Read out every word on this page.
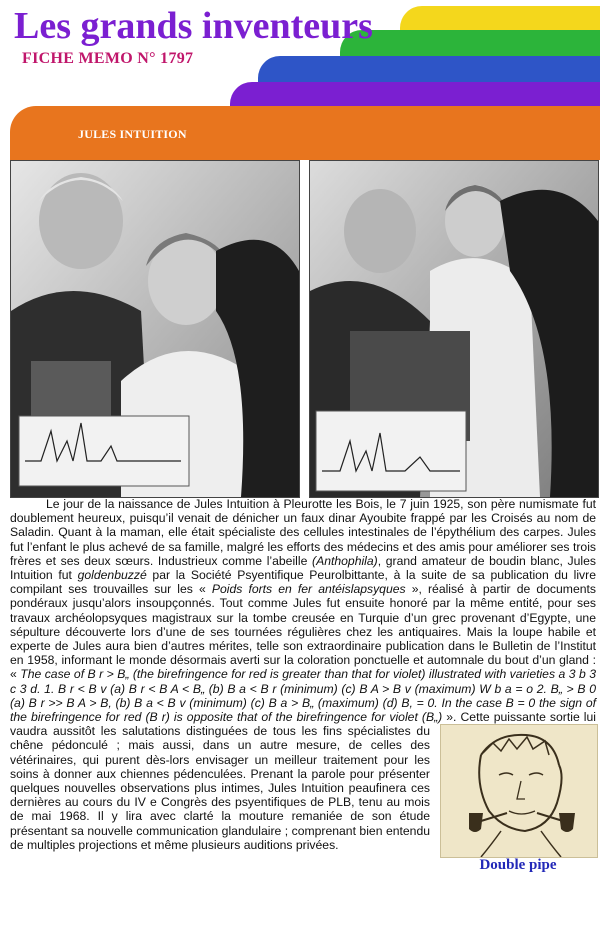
Les grands inventeurs
FICHE MEMO N° 1797
JULES INTUITION

Le jour de la naissance de Jules Intuition à Pleurotte les Bois, le 7 juin 1925, son père numismate fut doublement heureux, puisqu’il venait de dénicher un faux dinar Ayoubite frappé par les Croisés au nom de Saladin. Quant à la maman, elle était spécialiste des cellules intestinales de l’épythélium des carpes. Jules fut l’enfant le plus achevé de sa famille, malgré les efforts des médecins et des amis pour améliorer ses trois frères et ses deux sœurs. Industrieux comme l’abeille (Anthophila), grand amateur de boudin blanc, Jules Intuition fut goldenbuzzé par la Société Psyentifique Peurolbittante, à la suite de sa publication du livre compilant ses trouvailles sur les « Poids forts en fer antéislapsyques », réalisé à partir de documents pondéraux jusqu’alors insoupçonnés. Tout comme Jules fut ensuite honoré par la même entité, pour ses travaux archéolopsyques magistraux sur la tombe creusée en Turquie d’un grec provenant d’Egypte, une sépulture découverte lors d’une de ses tournées régulières chez les antiquaires. Mais la loupe habile et experte de Jules aura bien d’autres mérites, telle son extraordinaire publication dans le Bulletin de l’Institut en 1958, informant le monde désormais averti sur la coloration ponctuelle et automnale du bout d’un gland : « The case of B r > B„ (the birefringence for red is greater than that for violet) illustrated with varieties a 3 b 3 c 3 d. 1. B r < B v (a) B r < B A < B„ (b) B a < B r (minimum) (c) B A > B v (maximum) W b a = o 2. B„ > B 0 (a) B r >> B A > B, (b) B a < B v (minimum) (c) B a > B„ (maximum) (d) B, = 0. In the case B = 0 the sign of the birefringence for red (B r) is opposite that of the birefringence for violet (B„)
Double pipe
». Cette puissante sortie lui vaudra aussitôt les salutations distinguées de tous les fins spécialistes du chêne pédonculé ; mais aussi, dans un autre mesure, de celles des vétérinaires, qui purent dès-lors envisager un meilleur traitement pour les soins à donner aux chiennes pédenculées. Prenant la parole pour présenter quelques nouvelles observations plus intimes, Jules Intuition peaufinera ces dernières au cours du IV e Congrès des psyentifiques de PLB, tenu au mois de mai 1968. Il y lira avec clarté la mouture remaniée de son étude présentant sa nouvelle communication glandulaire ; comprenant bien entendu de multiples projections et même plusieurs auditions privées.
